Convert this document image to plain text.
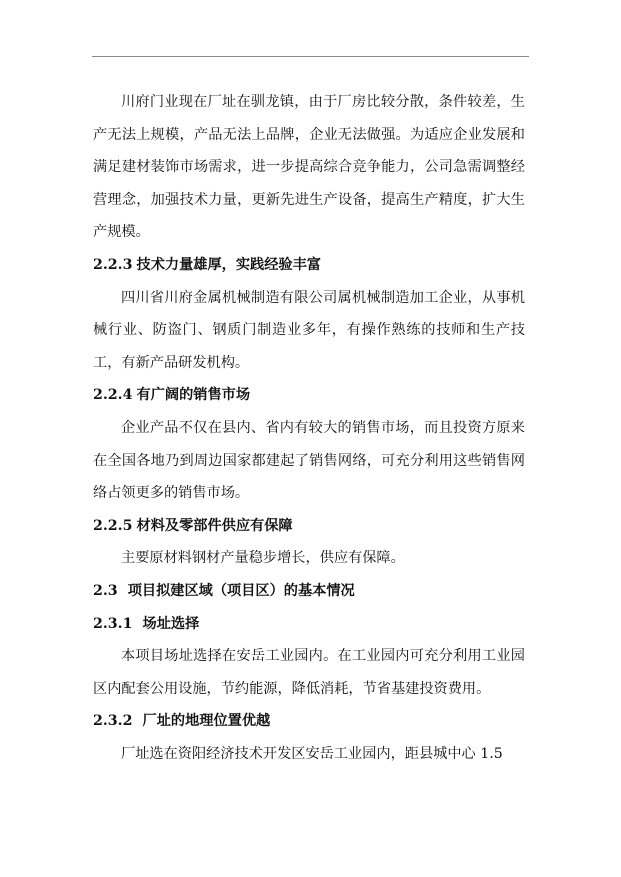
川府门业现在厂址在驯龙镇，由于厂房比较分散，条件较差，生产无法上规模，产品无法上品牌，企业无法做强。为适应企业发展和满足建材装饰市场需求，进一步提高综合竞争能力，公司急需调整经营理念，加强技术力量，更新先进生产设备，提高生产精度，扩大生产规模。

2.2.3 技术力量雄厚，实践经验丰富

四川省川府金属机械制造有限公司属机械制造加工企业，从事机械行业、防盗门、钢质门制造业多年，有操作熟练的技师和生产技工，有新产品研发机构。

2.2.4 有广阔的销售市场

企业产品不仅在县内、省内有较大的销售市场，而且投资方原来在全国各地乃到周边国家都建起了销售网络，可充分利用这些销售网络占领更多的销售市场。

2.2.5 材料及零部件供应有保障

主要原材料钢材产量稳步增长，供应有保障。

2.3 项目拟建区域（项目区）的基本情况

2.3.1 场址选择

本项目场址选择在安岳工业园内。在工业园内可充分利用工业园区内配套公用设施，节约能源，降低消耗，节省基建投资费用。

2.3.2 厂址的地理位置优越

厂址选在资阳经济技术开发区安岳工业园内，距县城中心 1.5
